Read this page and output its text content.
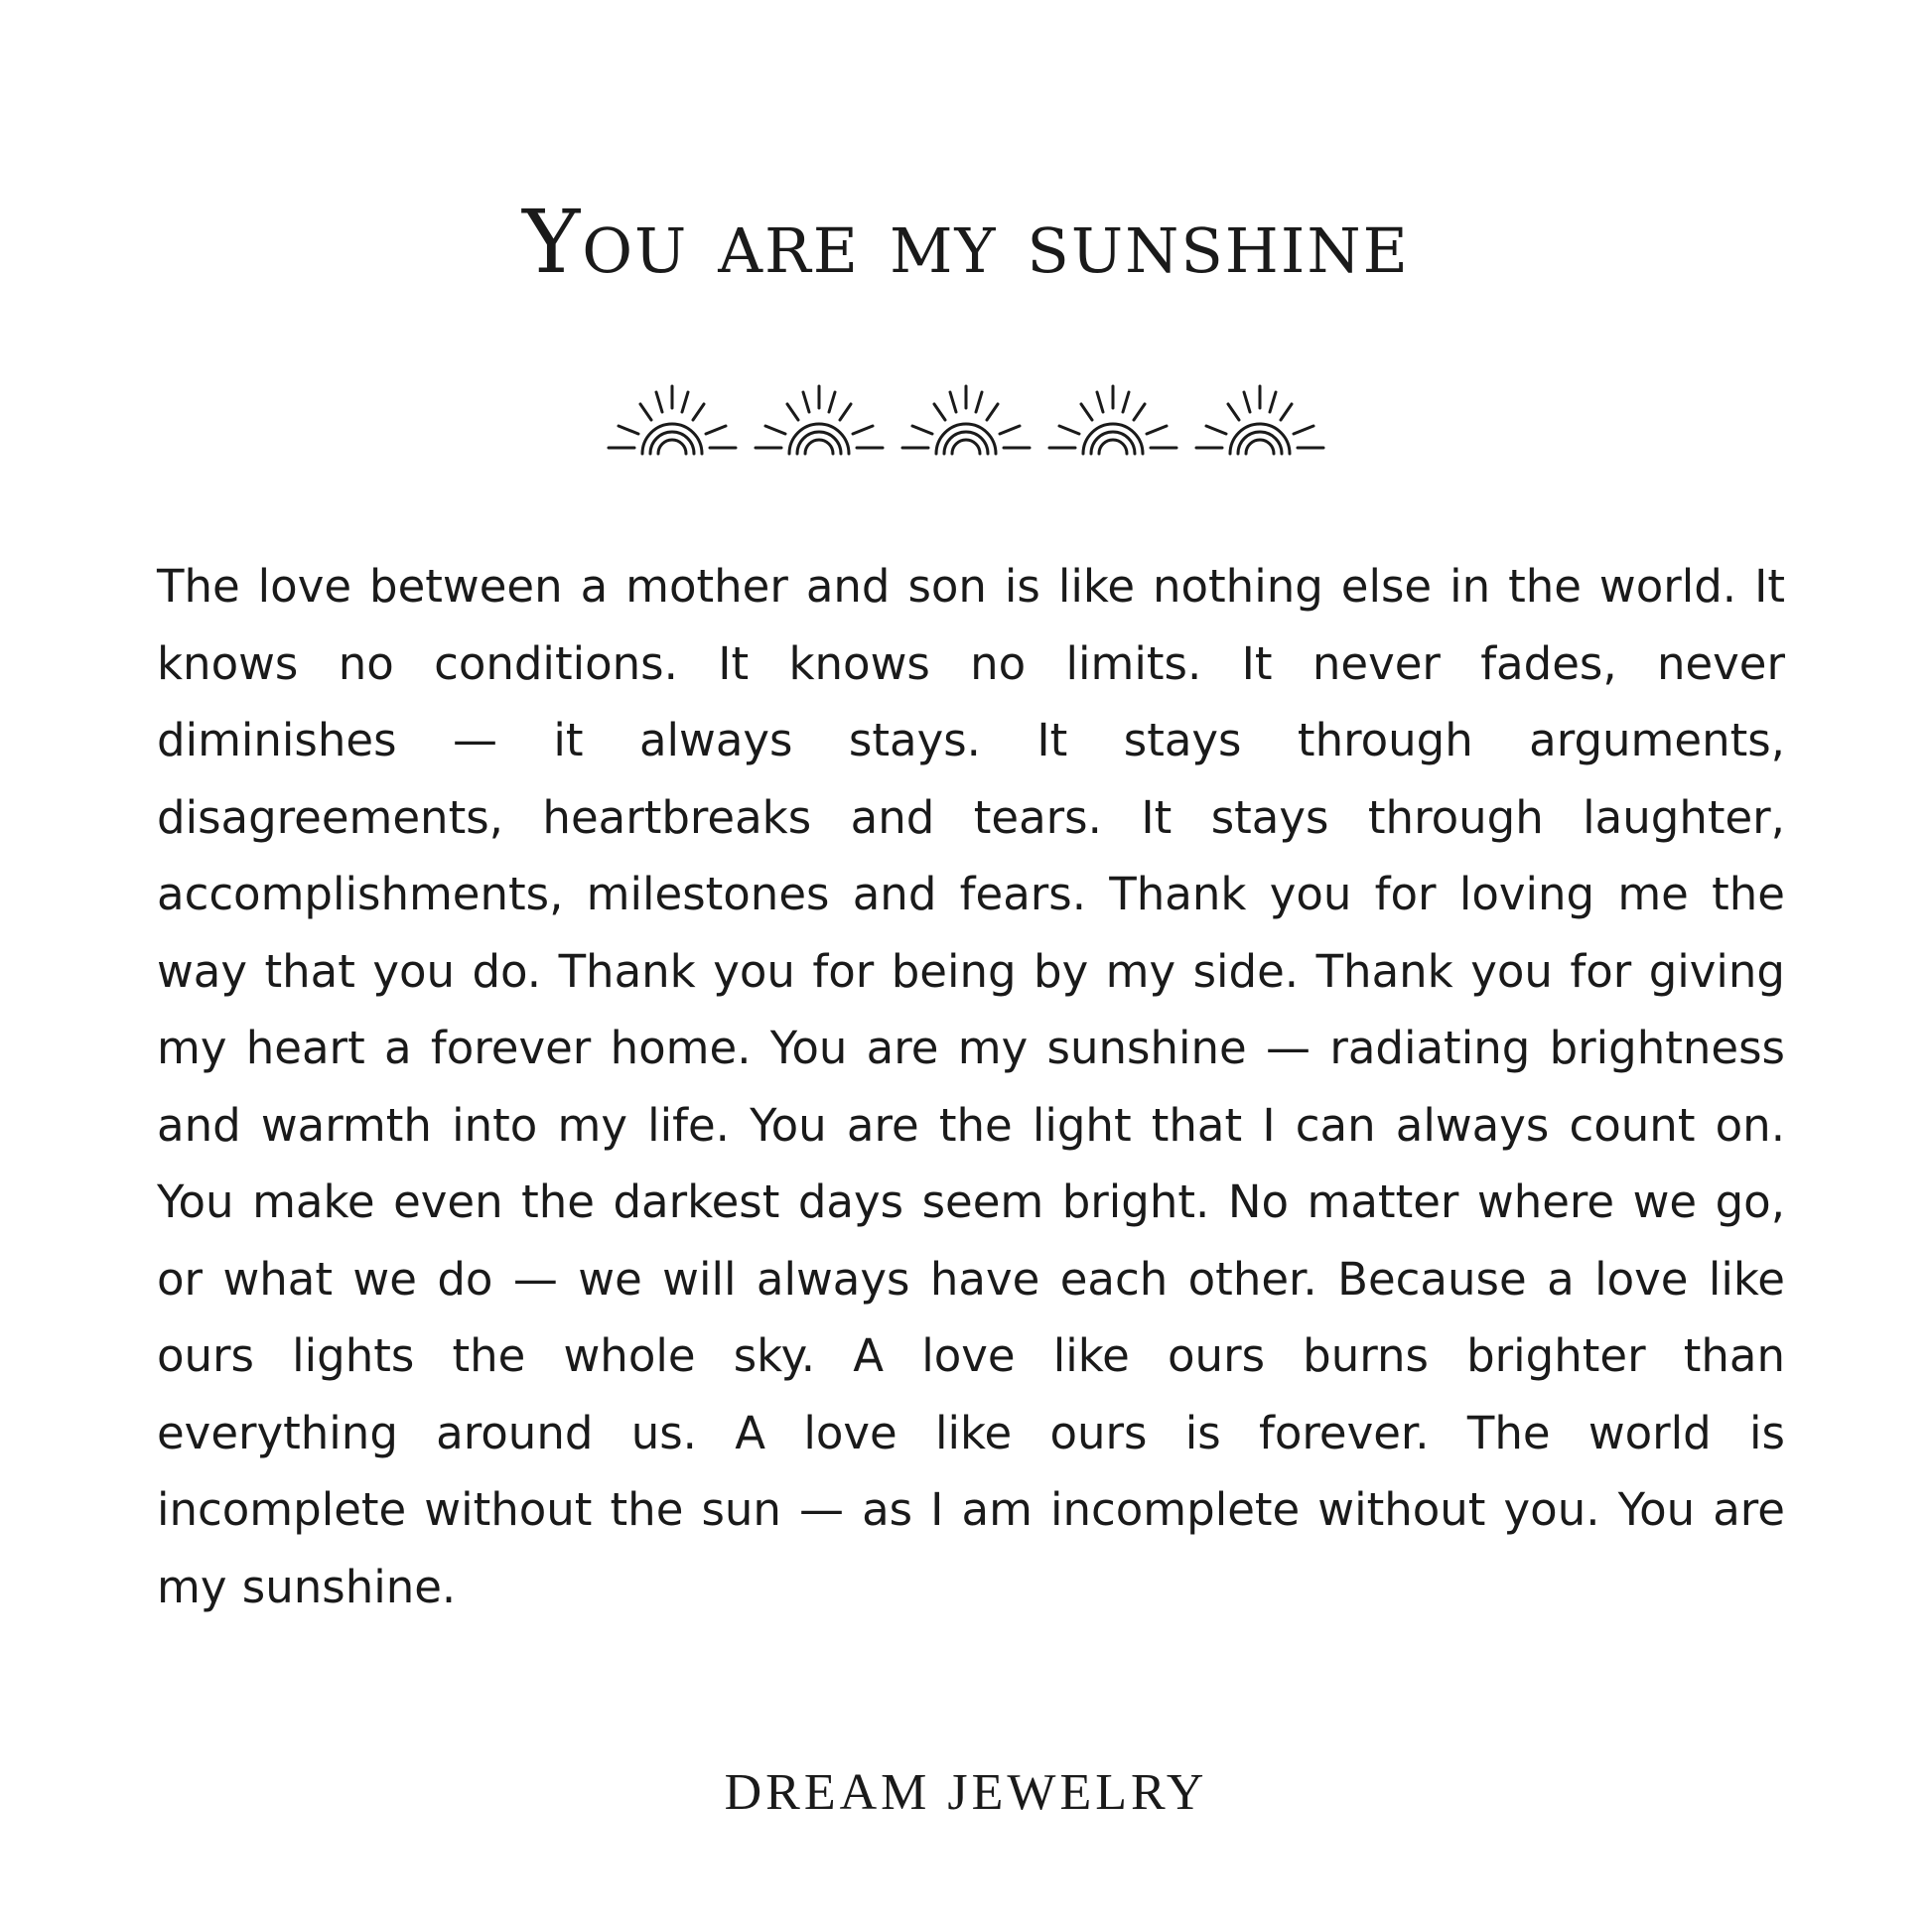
You are my sunshine

The love between a mother and son is like nothing else in the world. It knows no conditions. It knows no limits. It never fades, never diminishes — it always stays. It stays through arguments, disagreements, heartbreaks and tears. It stays through laughter, accomplishments, milestones and fears. Thank you for loving me the way that you do. Thank you for being by my side. Thank you for giving my heart a forever home. You are my sunshine — radiating brightness and warmth into my life. You are the light that I can always count on. You make even the darkest days seem bright. No matter where we go, or what we do — we will always have each other. Because a love like ours lights the whole sky. A love like ours burns brighter than everything around us. A love like ours is forever. The world is incomplete without the sun — as I am incomplete without you. You are my sunshine.

DREAM JEWELRY
